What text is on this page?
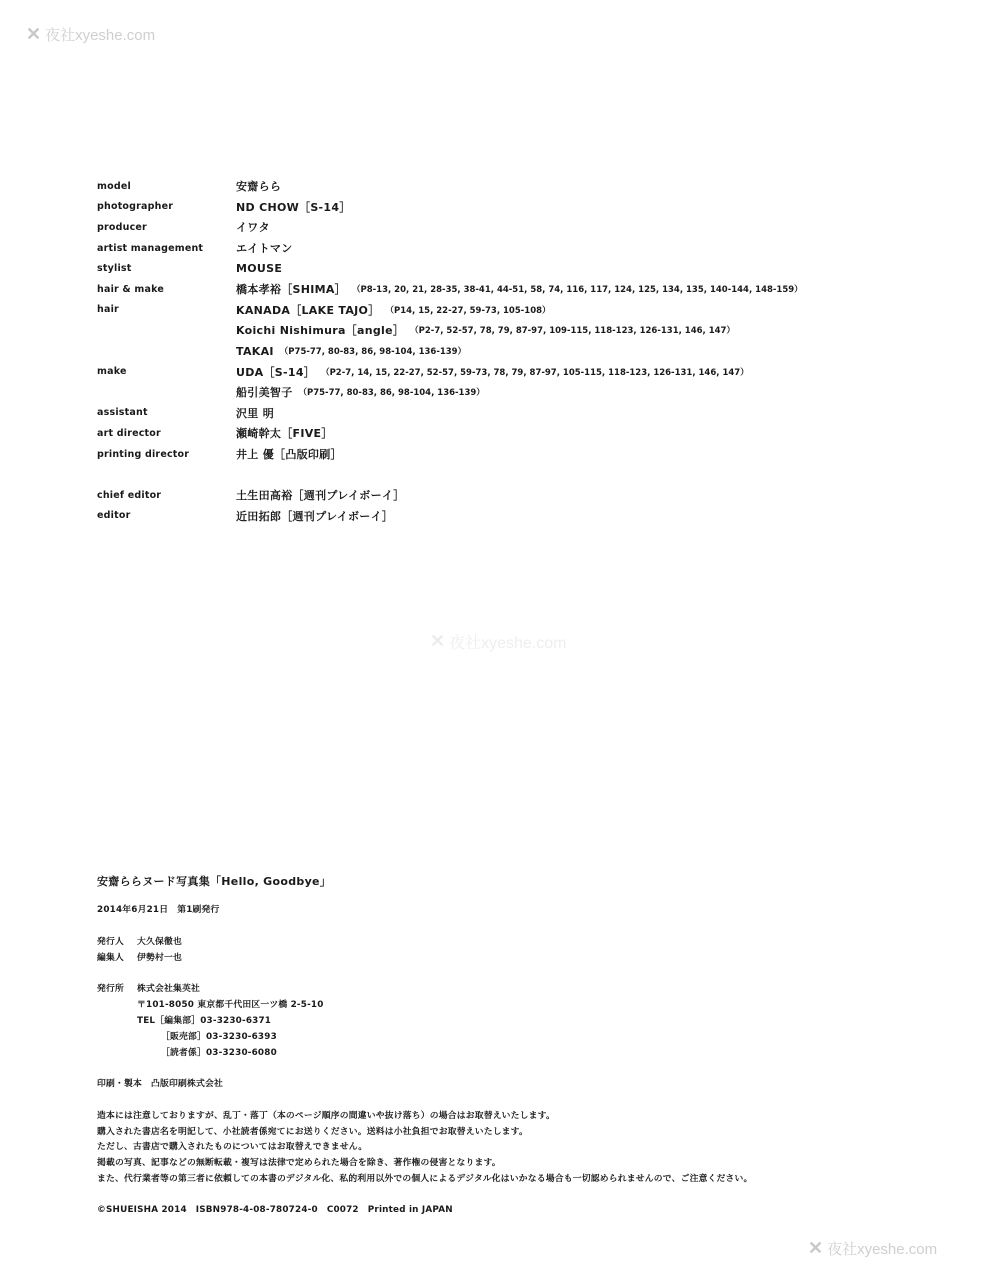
✕ 夜社xyeshe.com
✕ 夜社xyeshe.com
✕ 夜社xyeshe.com
model	安齋らら
photographer	ND CHOW［S-14］
producer	イワタ
artist management	エイトマン
stylist	MOUSE
hair & make	橋本孝裕［SHIMA］ （P8-13, 20, 21, 28-35, 38-41, 44-51, 58, 74, 116, 117, 124, 125, 134, 135, 140-144, 148-159）
hair	KANADA［LAKE TAJO］ （P14, 15, 22-27, 59-73, 105-108）
Koichi Nishimura［angle］ （P2-7, 52-57, 78, 79, 87-97, 109-115, 118-123, 126-131, 146, 147）
TAKAI （P75-77, 80-83, 86, 98-104, 136-139）
make	UDA［S-14］ （P2-7, 14, 15, 22-27, 52-57, 59-73, 78, 79, 87-97, 105-115, 118-123, 126-131, 146, 147）
船引美智子 （P75-77, 80-83, 86, 98-104, 136-139）
assistant	沢里 明
art director	瀬崎幹太［FIVE］
printing director	井上 優［凸版印刷］
chief editor	土生田高裕［週刊プレイボーイ］
editor	近田拓郎［週刊プレイボーイ］
安齋ららヌード写真集「Hello, Goodbye」
2014年6月21日　第1刷発行
発行人	大久保徹也
編集人	伊勢村一也
発行所	株式会社集英社
〒101-8050 東京都千代田区一ツ橋 2-5-10
TEL［編集部］03-3230-6371
［販売部］03-3230-6393
［読者係］03-3230-6080
印刷・製本　凸版印刷株式会社
造本には注意しておりますが、乱丁・落丁（本のページ順序の間違いや抜け落ち）の場合はお取替えいたします。
購入された書店名を明記して、小社読者係宛てにお送りください。送料は小社負担でお取替えいたします。
ただし、古書店で購入されたものについてはお取替えできません。
掲載の写真、記事などの無断転載・複写は法律で定められた場合を除き、著作権の侵害となります。
また、代行業者等の第三者に依頼しての本書のデジタル化、私的利用以外での個人によるデジタル化はいかなる場合も一切認められませんので、ご注意ください。
©SHUEISHA 2014　ISBN978-4-08-780724-0　C0072　Printed in JAPAN
